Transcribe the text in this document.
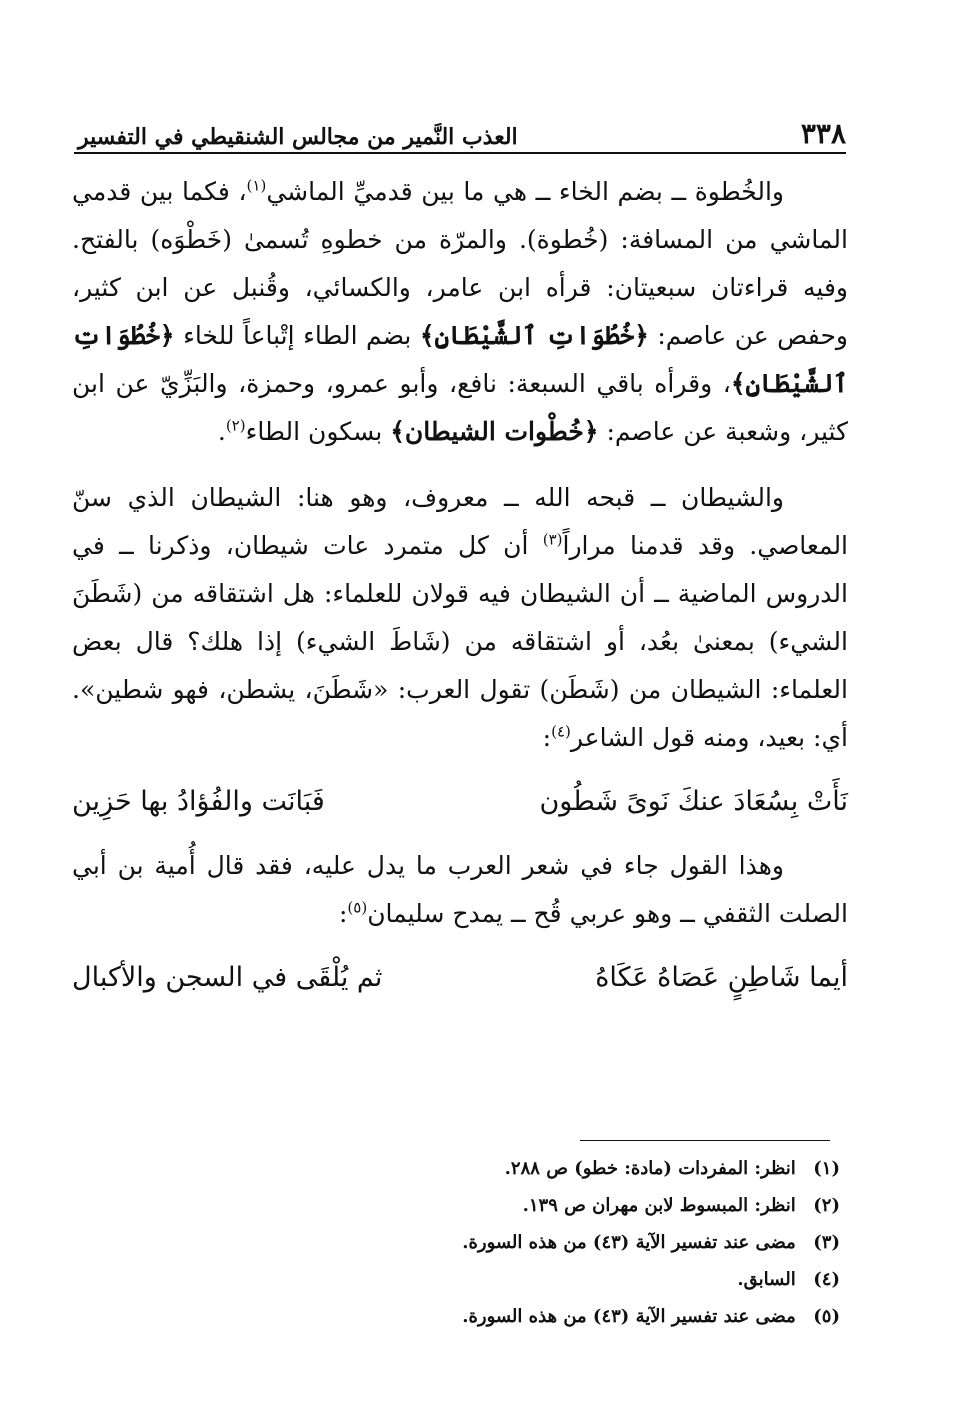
٣٣٨
العذب النَّمير من مجالس الشنقيطي في التفسير

والخُطوة ــ بضم الخاء ــ هي ما بين قدميِّ الماشي$^{(١)}$، فكما بين قدمي الماشي من المسافة: (خُطوة). والمرّة من خطوهِ تُسمىٰ (خَطْوَه) بالفتح. وفيه قراءتان سبعيتان: قرأه ابن عامر، والكسائي، وقُنبل عن ابن كثير، وحفص عن عاصم: ﴿خُطُوَاتِ ٱلشَّيْطَانِ﴾ بضم الطاء إتْباعاً للخاء ﴿خُطُوَاتِ ٱلشَّيْطَانِ﴾، وقرأه باقي السبعة: نافع، وأبو عمرو، وحمزة، والبَزِّيّ عن ابن كثير، وشعبة عن عاصم: ﴿خُطْوات الشيطان﴾ بسكون الطاء$^{(٢)}$.

والشيطان ــ قبحه الله ــ معروف، وهو هنا: الشيطان الذي سنّ المعاصي. وقد قدمنا مراراً$^{(٣)}$ أن كل متمرد عات شيطان، وذكرنا ــ في الدروس الماضية ــ أن الشيطان فيه قولان للعلماء: هل اشتقاقه من (شَطَنَ الشيء) بمعنىٰ بعُد، أو اشتقاقه من (شَاطَ الشيء) إذا هلك؟ قال بعض العلماء: الشيطان من (شَطَن) تقول العرب: «شَطَنَ، يشطن، فهو شطين». أي: بعيد، ومنه قول الشاعر$^{(٤)}$:

نَأَتْ بِسُعَادَ عنكَ نَوىً شَطُون
فَبَانَت والفُؤادُ بها حَزِين

وهذا القول جاء في شعر العرب ما يدل عليه، فقد قال أُمية بن أبي الصلت الثقفي ــ وهو عربي قُح ــ يمدح سليمان$^{(٥)}$:

أيما شَاطِنٍ عَصَاهُ عَكَاهُ
ثم يُلْقَى في السجن والأكبال

(١) انظر: المفردات (مادة: خطو) ص ٢٨٨.

(٢) انظر: المبسوط لابن مهران ص ١٣٩.

(٣) مضى عند تفسير الآية (٤٣) من هذه السورة.

(٤) السابق.

(٥) مضى عند تفسير الآية (٤٣) من هذه السورة.
